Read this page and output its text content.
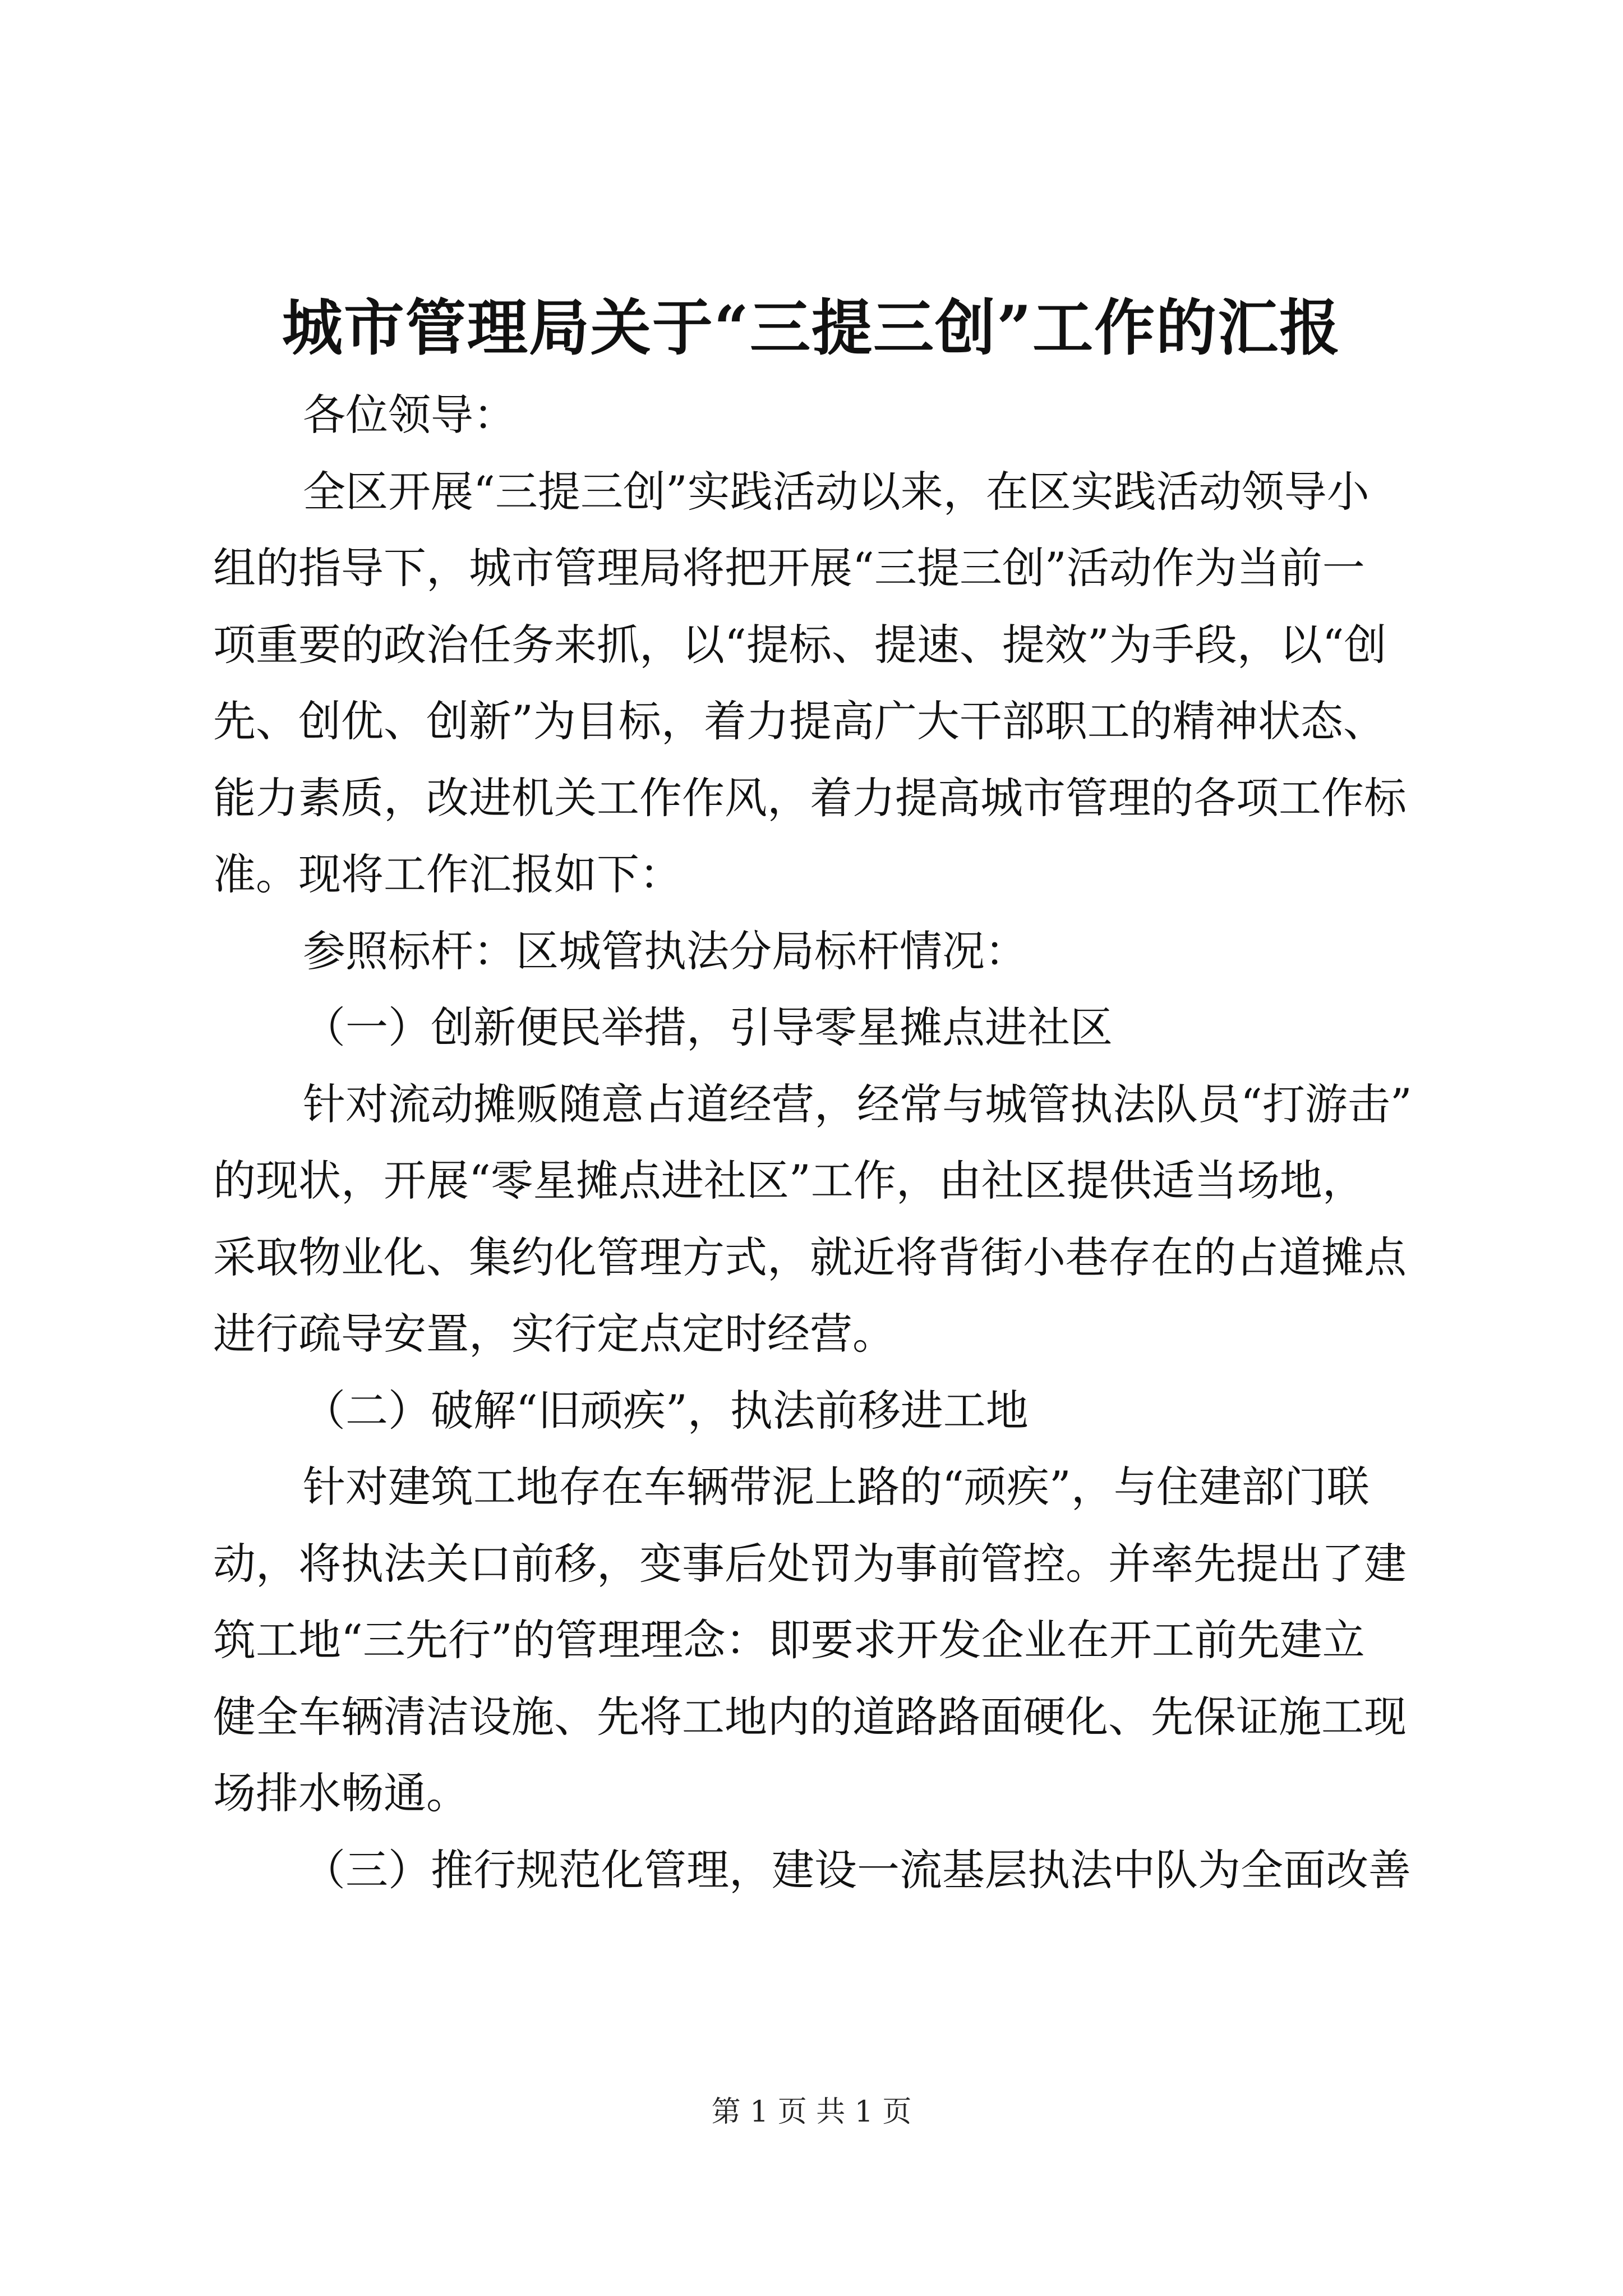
城市管理局关于“三提三创”工作的汇报
各位领导：
全区开展“三提三创”实践活动以来，在区实践活动领导小
组的指导下，城市管理局将把开展“三提三创”活动作为当前一
项重要的政治任务来抓，以“提标、提速、提效”为手段，以“创
先、创优、创新”为目标，着力提高广大干部职工的精神状态、
能力素质，改进机关工作作风，着力提高城市管理的各项工作标
准。现将工作汇报如下：
参照标杆：区城管执法分局标杆情况：
（一）创新便民举措，引导零星摊点进社区
针对流动摊贩随意占道经营，经常与城管执法队员“打游击”
的现状，开展“零星摊点进社区”工作，由社区提供适当场地，
采取物业化、集约化管理方式，就近将背街小巷存在的占道摊点
进行疏导安置，实行定点定时经营。
（二）破解“旧顽疾”，执法前移进工地
针对建筑工地存在车辆带泥上路的“顽疾”，与住建部门联
动，将执法关口前移，变事后处罚为事前管控。并率先提出了建
筑工地“三先行”的管理理念：即要求开发企业在开工前先建立
健全车辆清洁设施、先将工地内的道路路面硬化、先保证施工现
场排水畅通。
（三）推行规范化管理，建设一流基层执法中队为全面改善
第 1 页 共 1 页
